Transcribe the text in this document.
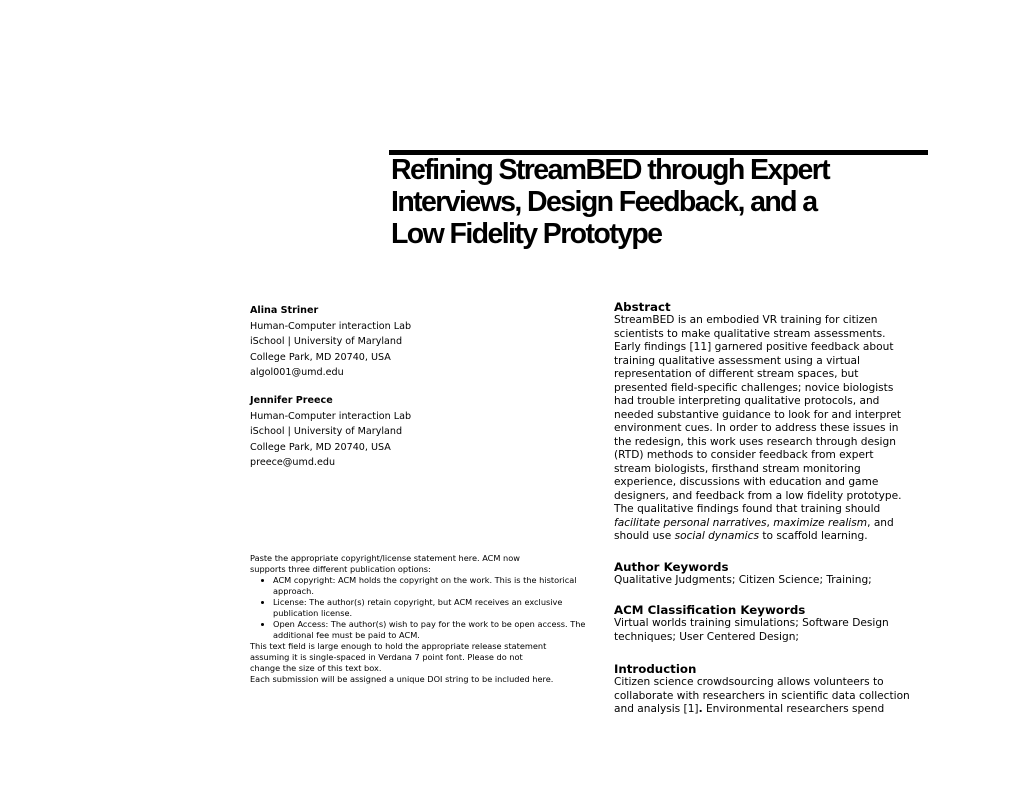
Refining StreamBED through Expert
Interviews, Design Feedback, and a
Low Fidelity Prototype
Alina Striner
Human-Computer interaction Lab
iSchool | University of Maryland
College Park, MD 20740, USA
algol001@umd.edu
Jennifer Preece
Human-Computer interaction Lab
iSchool | University of Maryland
College Park, MD 20740, USA
preece@umd.edu

Paste the appropriate copyright/license statement here. ACM now

supports three different publication options:

• ACM copyright: ACM holds the copyright on the work. This is the historical approach.
• License: The author(s) retain copyright, but ACM receives an exclusive publication license.
• Open Access: The author(s) wish to pay for the work to be open access. The additional fee must be paid to ACM.

This text field is large enough to hold the appropriate release statement

assuming it is single-spaced in Verdana 7 point font. Please do not

change the size of this text box.

Each submission will be assigned a unique DOI string to be included here.

Abstract
StreamBED is an embodied VR training for citizen
scientists to make qualitative stream assessments.
Early findings [11] garnered positive feedback about
training qualitative assessment using a virtual
representation of different stream spaces, but
presented field-specific challenges; novice biologists
had trouble interpreting qualitative protocols, and
needed substantive guidance to look for and interpret
environment cues. In order to address these issues in
the redesign, this work uses research through design
(RTD) methods to consider feedback from expert
stream biologists, firsthand stream monitoring
experience, discussions with education and game
designers, and feedback from a low fidelity prototype.
The qualitative findings found that training should
facilitate personal narratives, maximize realism, and
should use social dynamics to scaffold learning.
Author Keywords
Qualitative Judgments; Citizen Science; Training;
ACM Classification Keywords
Virtual worlds training simulations; Software Design
techniques; User Centered Design;
Introduction
Citizen science crowdsourcing allows volunteers to
collaborate with researchers in scientific data collection
and analysis [1]. Environmental researchers spend
